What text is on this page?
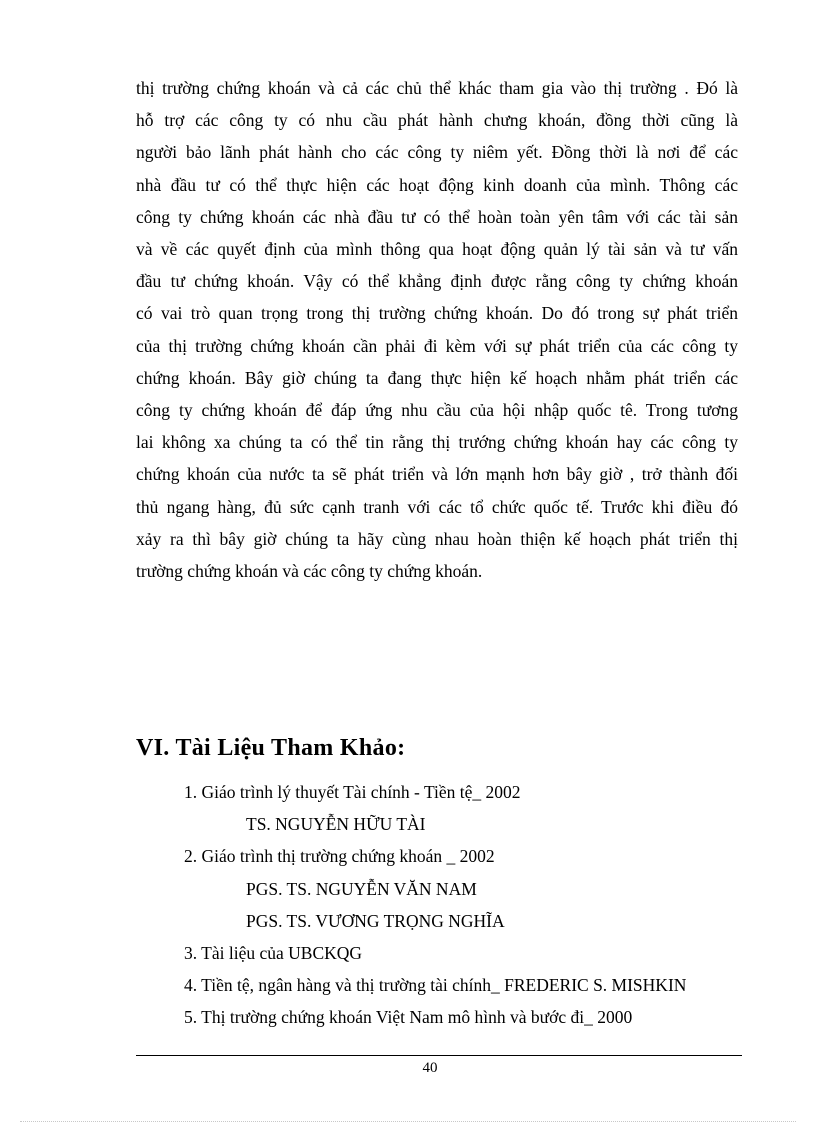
thị trường chứng khoán và cả các chủ thể khác tham gia vào thị trường . Đó là
hỗ trợ các công ty có nhu cầu phát hành chưng khoán, đồng thời cũng là
người bảo lãnh phát hành cho các công ty niêm yết. Đồng thời là nơi để các
nhà đầu tư có thể thực hiện các hoạt động kinh doanh của mình. Thông các
công ty chứng khoán các nhà đầu tư có thể hoàn toàn yên tâm với các tài sản
và về các quyết định của mình thông qua hoạt động quản lý tài sản và tư vấn
đầu tư chứng khoán. Vậy có thể khẳng định được rằng công ty chứng khoán
có vai trò quan trọng trong thị trường chứng khoán. Do đó trong sự phát triển
của thị trường chứng khoán cần phải đi kèm với sự phát triển của các công ty
chứng khoán. Bây giờ chúng ta đang thực hiện kế hoạch nhằm phát triển các
công ty chứng khoán để đáp ứng nhu cầu của hội nhập quốc tê. Trong tương
lai không xa chúng ta có thể tin rằng thị trướng chứng khoán hay các công ty
chứng khoán của nước ta sẽ phát triển và lớn mạnh hơn bây giờ , trở thành đối
thủ ngang hàng, đủ sức cạnh tranh với các tổ chức quốc tế. Trước khi điều đó
xảy ra thì bây giờ chúng ta hãy cùng nhau hoàn thiện kế hoạch phát triển thị
trường chứng khoán và các công ty chứng khoán.

VI. Tài Liệu Tham Khảo:
1. Giáo trình lý thuyết Tài chính - Tiền tệ_ 2002
TS. NGUYỄN HỮU TÀI
2. Giáo trình thị trường chứng khoán _ 2002
PGS. TS. NGUYỄN VĂN NAM
PGS. TS. VƯƠNG TRỌNG NGHĨA
3. Tài liệu của UBCKQG
4. Tiền tệ, ngân hàng và thị trường tài chính_ FREDERIC S. MISHKIN
5. Thị trường chứng khoán Việt Nam mô hình và bước đi_ 2000
40
